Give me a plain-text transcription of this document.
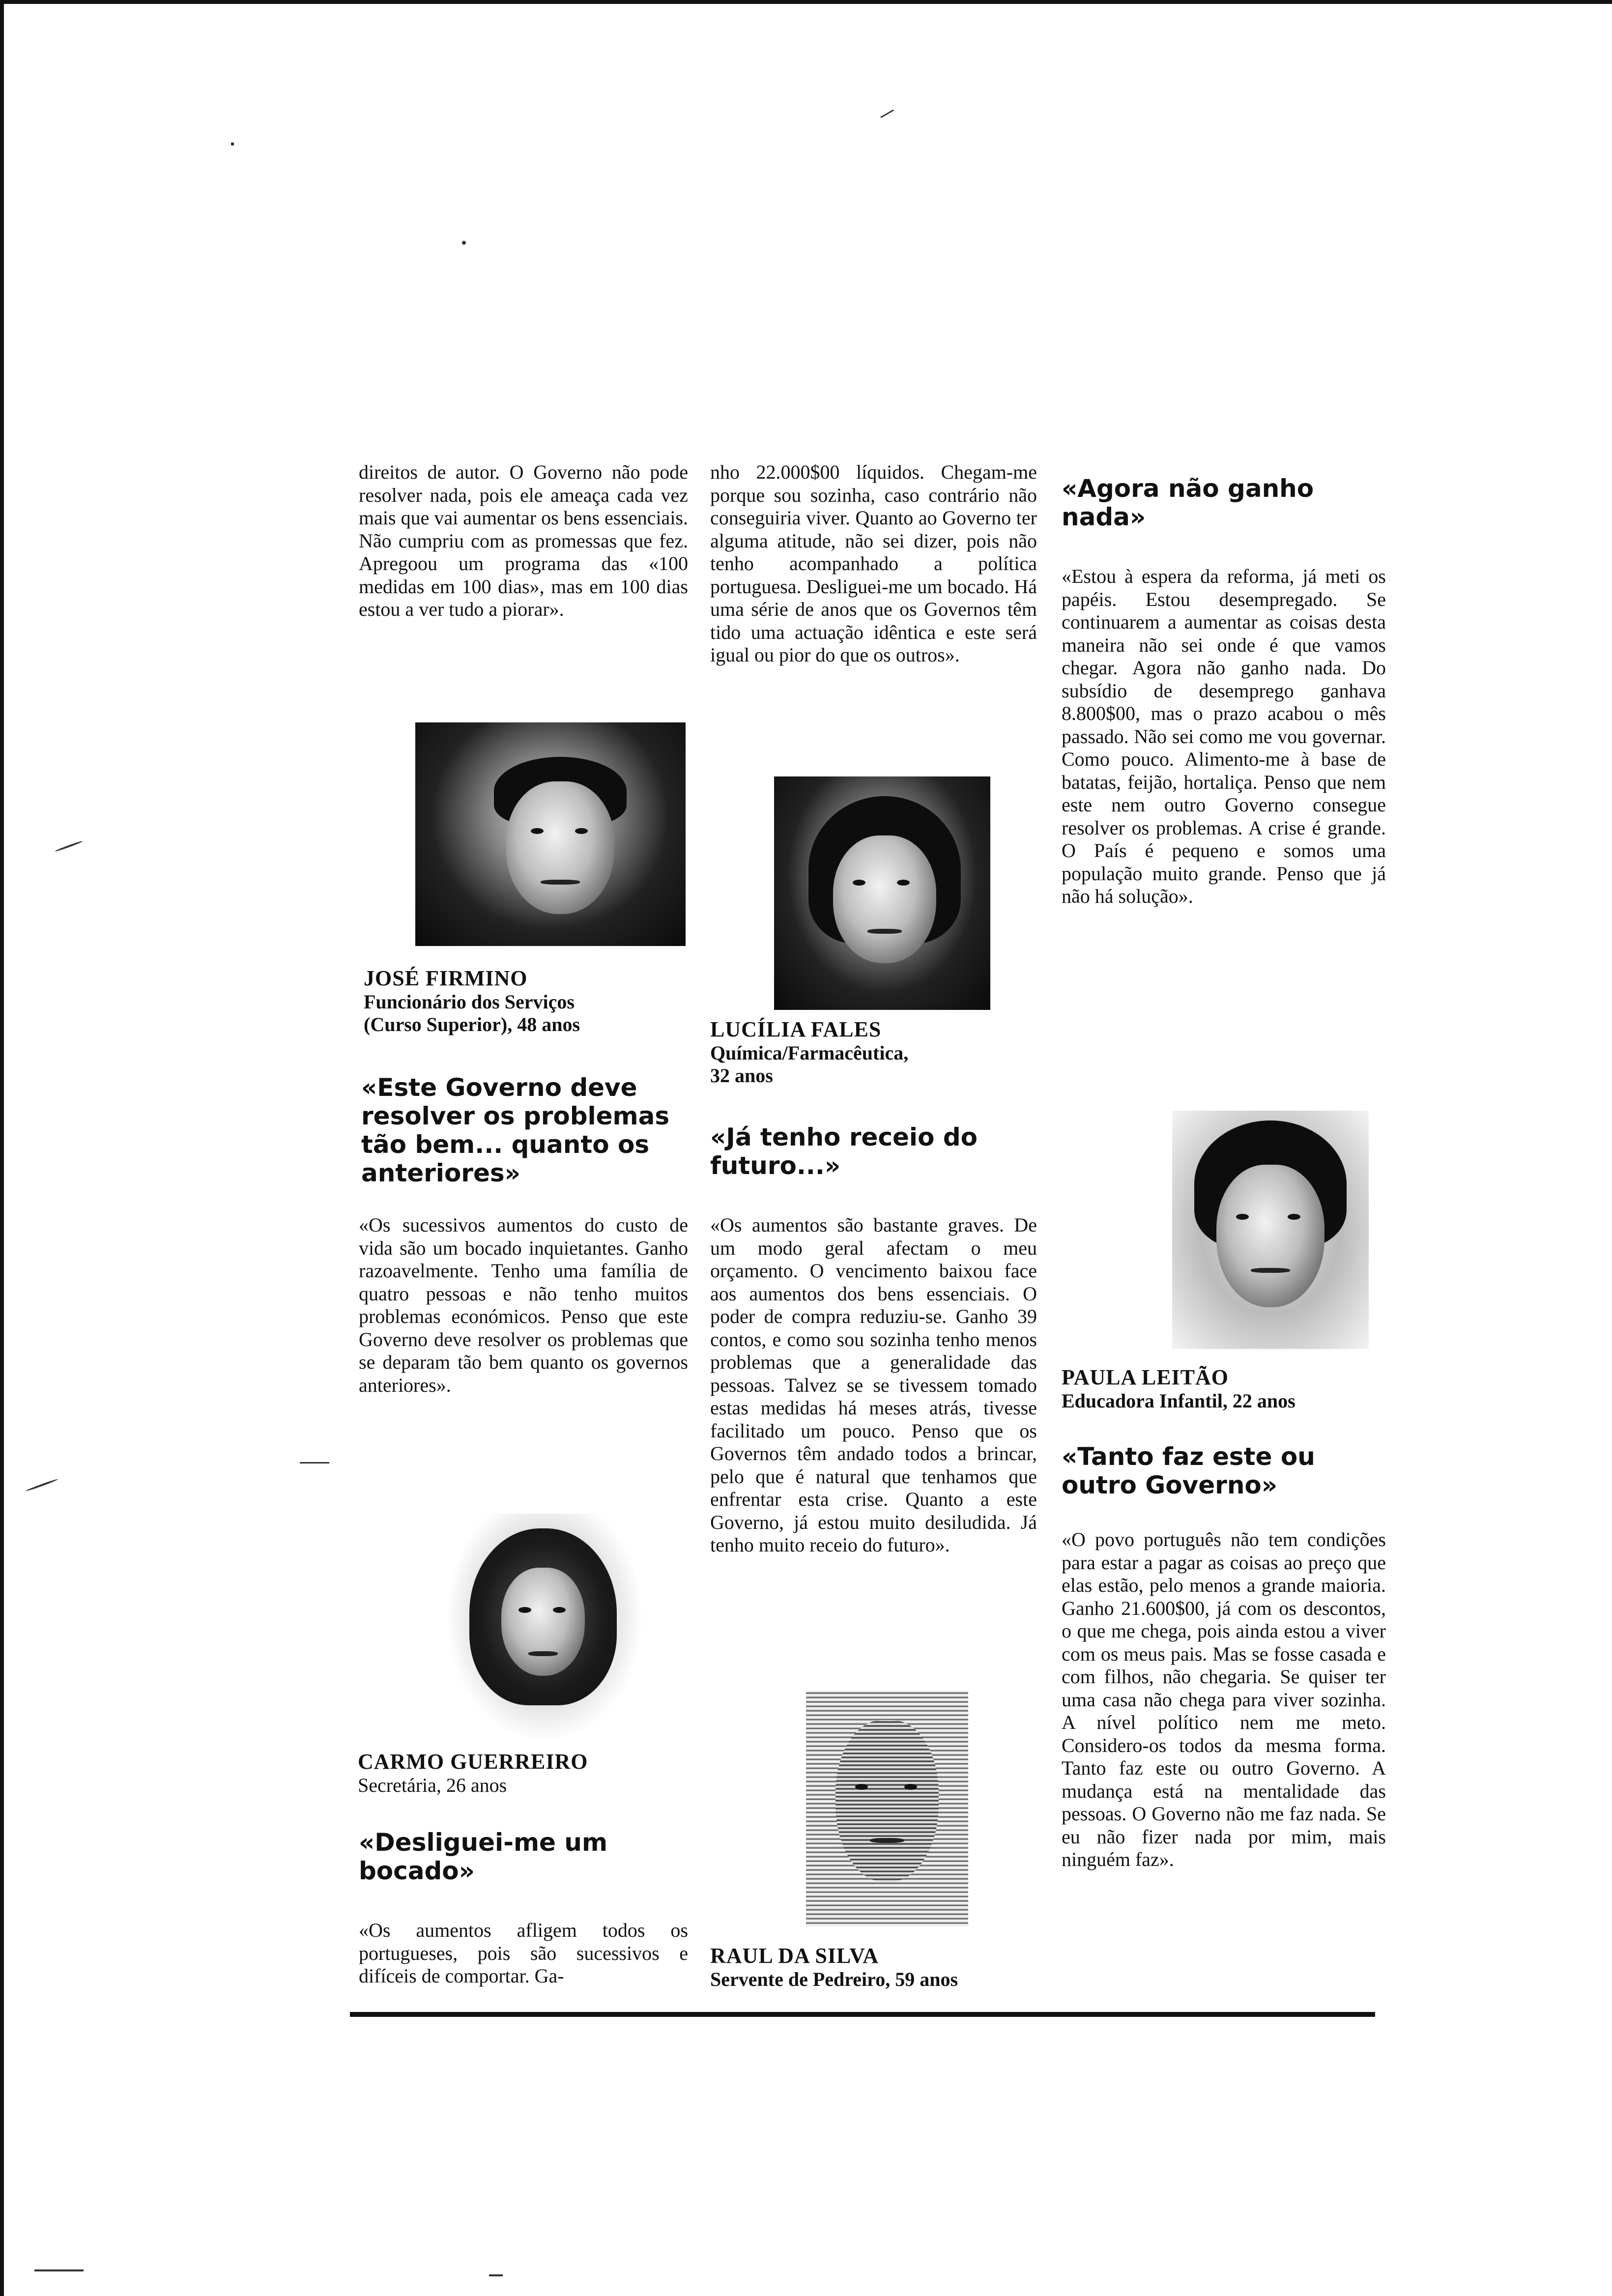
direitos de autor. O Governo não pode resolver nada, pois ele ameaça cada vez mais que vai aumentar os bens essenciais. Não cumpriu com as promessas que fez. Apregoou um programa das «100 medidas em 100 dias», mas em 100 dias estou a ver tudo a piorar».

JOSÉ FIRMINO

Funcionário dos Serviços

(Curso Superior), 48 anos

«Este Governo deve resolver os problemas tão bem... quanto os anteriores»

«Os sucessivos aumentos do custo de vida são um bocado inquietantes. Ganho razoavelmente. Tenho uma família de quatro pessoas e não tenho muitos problemas económicos. Penso que este Governo deve resolver os problemas que se deparam tão bem quanto os governos anteriores».

CARMO GUERREIRO

Secretária, 26 anos

«Desliguei-me um bocado»

«Os aumentos afligem todos os portugueses, pois são sucessivos e difíceis de comportar. Ga-

nho 22.000$00 líquidos. Chegam-me porque sou sozinha, caso contrário não conseguiria viver. Quanto ao Governo ter alguma atitude, não sei dizer, pois não tenho acompanhado a política portuguesa. Desliguei-me um bocado. Há uma série de anos que os Governos têm tido uma actuação idêntica e este será igual ou pior do que os outros».

LUCÍLIA FALES

Química/Farmacêutica,

32 anos

«Já tenho receio do futuro...»

«Os aumentos são bastante graves. De um modo geral afectam o meu orçamento. O vencimento baixou face aos aumentos dos bens essenciais. O poder de compra reduziu-se. Ganho 39 contos, e como sou sozinha tenho menos problemas que a generalidade das pessoas. Talvez se se tivessem tomado estas medidas há meses atrás, tivesse facilitado um pouco. Penso que os Governos têm andado todos a brincar, pelo que é natural que tenhamos que enfrentar esta crise. Quanto a este Governo, já estou muito desiludida. Já tenho muito receio do futuro».

RAUL DA SILVA

Servente de Pedreiro, 59 anos

«Agora não ganho nada»

«Estou à espera da reforma, já meti os papéis. Estou desempregado. Se continuarem a aumentar as coisas desta maneira não sei onde é que vamos chegar. Agora não ganho nada. Do subsídio de desemprego ganhava 8.800$00, mas o prazo acabou o mês passado. Não sei como me vou governar. Como pouco. Alimento-me à base de batatas, feijão, hortaliça. Penso que nem este nem outro Governo consegue resolver os problemas. A crise é grande. O País é pequeno e somos uma população muito grande. Penso que já não há solução».

PAULA LEITÃO

Educadora Infantil, 22 anos

«Tanto faz este ou outro Governo»

«O povo português não tem condições para estar a pagar as coisas ao preço que elas estão, pelo menos a grande maioria. Ganho 21.600$00, já com os descontos, o que me chega, pois ainda estou a viver com os meus pais. Mas se fosse casada e com filhos, não chegaria. Se quiser ter uma casa não chega para viver sozinha. A nível político nem me meto. Considero-os todos da mesma forma. Tanto faz este ou outro Governo. A mudança está na mentalidade das pessoas. O Governo não me faz nada. Se eu não fizer nada por mim, mais ninguém faz».
